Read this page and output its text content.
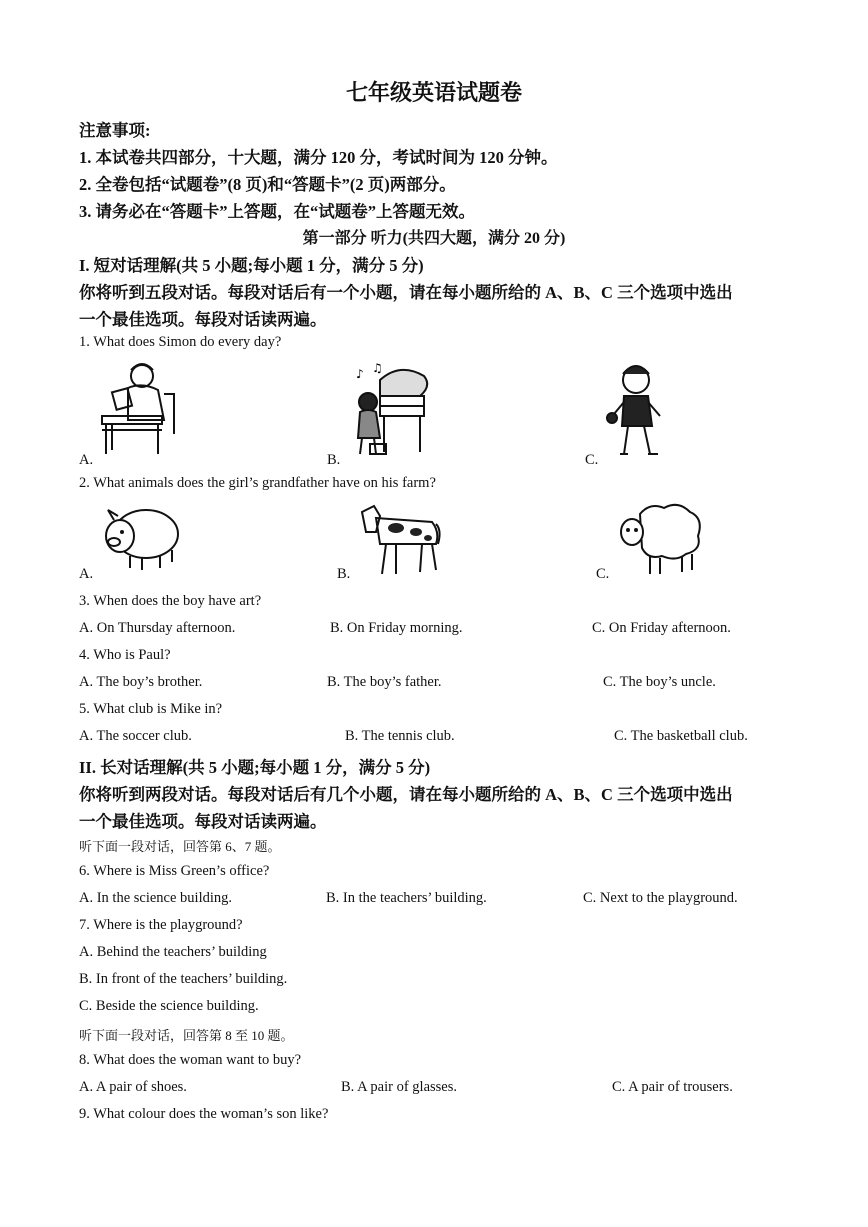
七年级英语试题卷
注意事项:
1. 本试卷共四部分，十大题，满分 120 分，考试时间为 120 分钟。
2. 全卷包括“试题卷”(8 页)和“答题卡”(2 页)两部分。
3. 请务必在“答题卡”上答题，在“试题卷”上答题无效。
第一部分 听力(共四大题，满分 20 分)
I. 短对话理解(共 5 小题;每小题 1 分，满分 5 分)
你将听到五段对话。每段对话后有一个小题，请在每小题所给的 A、B、C 三个选项中选出
一个最佳选项。每段对话读两遍。
1. What does Simon do every day?
A.
♪ ♫
B.	C.
2. What animals does the girl’s grandfather have on his farm?
A.	B.	C.
3. When does the boy have art?
A. On Thursday afternoon.	B. On Friday morning.	C. On Friday afternoon.
4. Who is Paul?
A. The boy’s brother.	B. The boy’s father.	C. The boy’s uncle.
5. What club is Mike in?
A. The soccer club.	B. The tennis club.	C. The basketball club.
II. 长对话理解(共 5 小题;每小题 1 分，满分 5 分)
你将听到两段对话。每段对话后有几个小题，请在每小题所给的 A、B、C 三个选项中选出
一个最佳选项。每段对话读两遍。
听下面一段对话，回答第 6、7 题。
6. Where is Miss Green’s office?
A. In the science building.	B. In the teachers’ building.	C. Next to the playground.
7. Where is the playground?
A. Behind the teachers’ building
B. In front of the teachers’ building.
C. Beside the science building.
听下面一段对话，回答第 8 至 10 题。
8. What does the woman want to buy?
A. A pair of shoes.	B. A pair of glasses.	C. A pair of trousers.
9. What colour does the woman’s son like?
